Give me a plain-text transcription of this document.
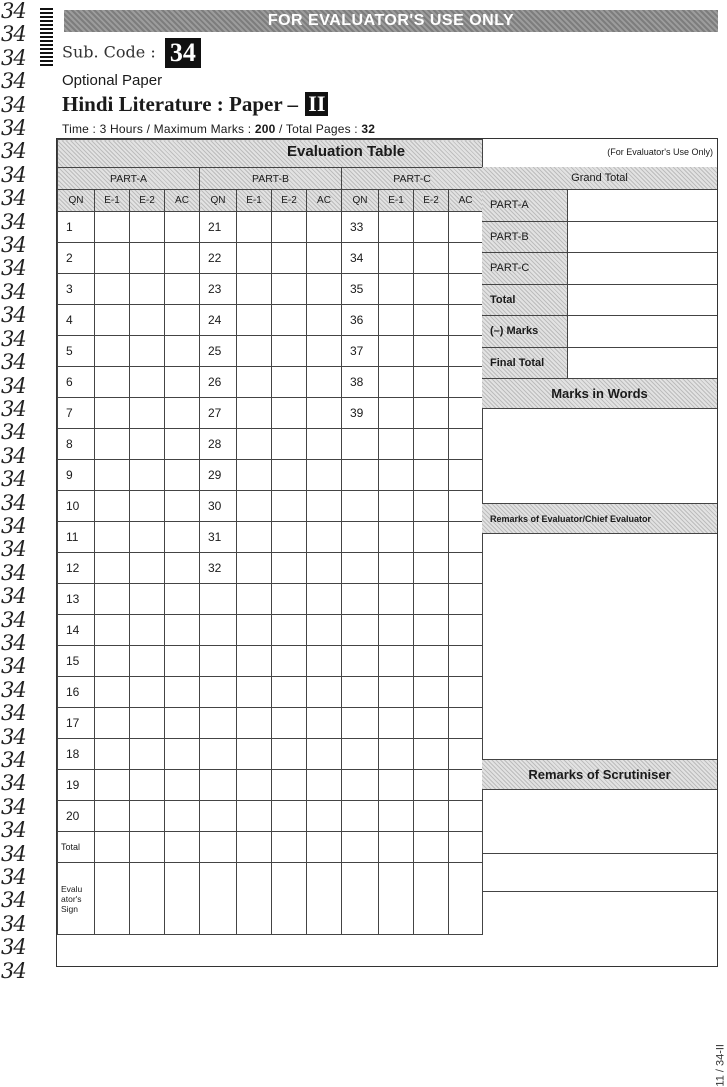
34
34
34
34
34
34
34
34
34
34
34
34
34
34
34
34
34
34
34
34
34
34
34
34
34
34
34
34
34
34
34
34
34
34
34
34
34
34
34
34
34
34
FOR EVALUATOR'S USE ONLY
Sub. Code : 34
Optional Paper
Hindi Literature : Paper – II
Time : 3 Hours / Maximum Marks : 200 / Total Pages : 32

PART-A				PART-B				PART-C			
QN	E-1	E-2	AC	QN	E-1	E-2	AC	QN	E-1	E-2	AC
1				21				33			
2				22				34			
3				23				35			
4				24				36			
5				25				37			
6				26				38			
7				27				39			
8				28							
9				29							
10				30							
11				31							
12				32							
13											
14											
15											
16											
17											
18											
19											
20											
Total											
Evalu ator's Sign											
Evaluation Table	(For Evaluator's Use Only)
Grand Total
PART-A
PART-B
PART-C
Total
(–) Marks
Final Total
Marks in Words
Remarks of Evaluator/Chief Evaluator
Remarks of Scrutiniser
11 / 34-II
